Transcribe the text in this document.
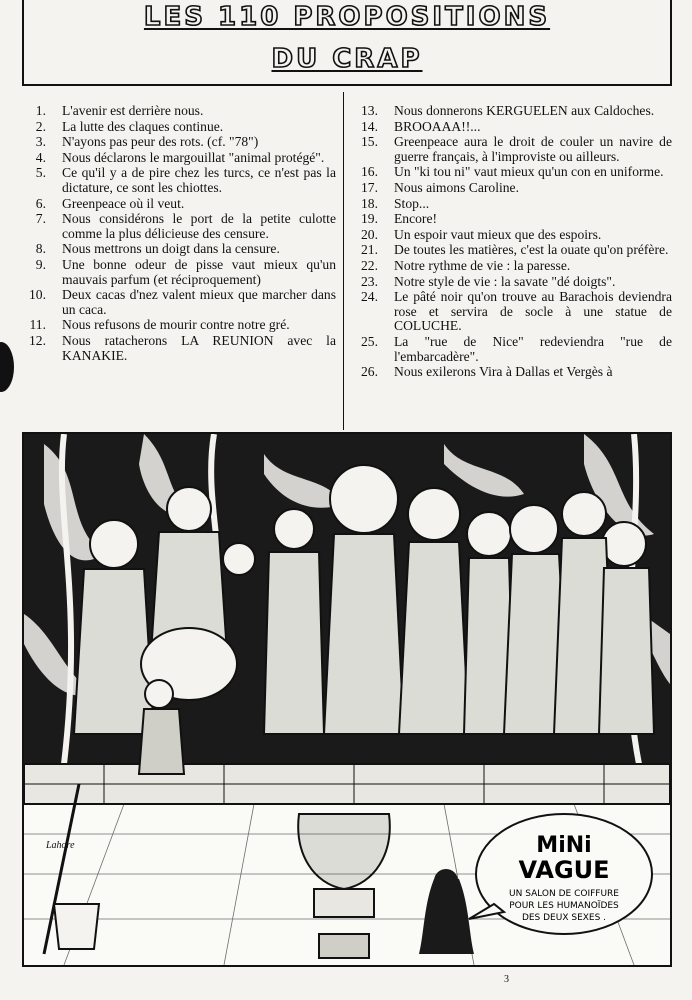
LES 110 PROPOSITIONS
DU CRAP
1. L'avenir est derrière nous.
2. La lutte des claques continue.
3. N'ayons pas peur des rots. (cf. "78")
4. Nous déclarons le margouillat "animal protégé".
5. Ce qu'il y a de pire chez les turcs, ce n'est pas la dictature, ce sont les chiottes.
6. Greenpeace où il veut.
7. Nous considérons le port de la petite culotte comme la plus délicieuse des censure.
8. Nous mettrons un doigt dans la censure.
9. Une bonne odeur de pisse vaut mieux qu'un mauvais parfum (et réciproquement)
10. Deux cacas d'nez valent mieux que marcher dans un caca.
11. Nous refusons de mourir contre notre gré.
12. Nous ratacherons LA REUNION avec la KANAKIE.
13. Nous donnerons KERGUELEN aux Caldoches.
14. BROOAAA!!...
15. Greenpeace aura le droit de couler un navire de guerre français, à l'improviste ou ailleurs.
16. Un "ki tou ni" vaut mieux qu'un con en uniforme.
17. Nous aimons Caroline.
18. Stop...
19. Encore!
20. Un espoir vaut mieux que des espoirs.
21. De toutes les matières, c'est la ouate qu'on préfère.
22. Notre rythme de vie : la paresse.
23. Notre style de vie : la savate "dé doigts".
24. Le pâté noir qu'on trouve au Barachois deviendra rose et servira de socle à une statue de COLUCHE.
25. La "rue de Nice" redeviendra "rue de l'embarcadère".
26. Nous exilerons Vira à Dallas et Vergès à
MiNi
VAGUE
UN SALON DE COIFFURE
POUR LES HUMANOÏDES
DES DEUX SEXES .
Lahore
3
